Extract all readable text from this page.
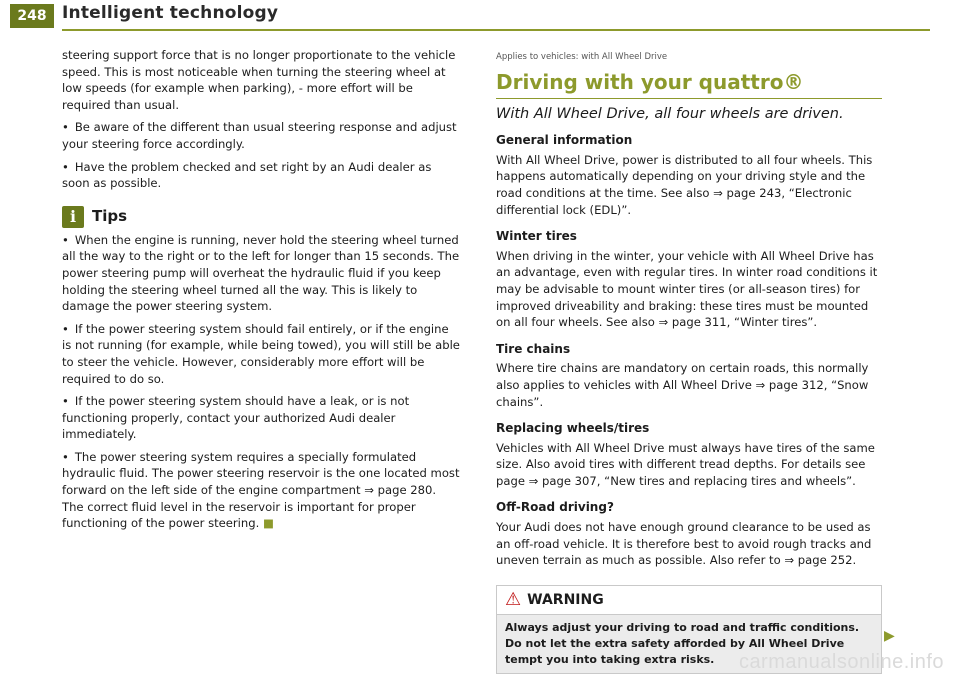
248 Intelligent technology

steering support force that is no longer proportionate to the vehicle speed. This is most noticeable when turning the steering wheel at low speeds (for example when parking), - more effort will be required than usual.

• Be aware of the different than usual steering response and adjust your steering force accordingly.

• Have the problem checked and set right by an Audi dealer as soon as possible.

i	Tips

• When the engine is running, never hold the steering wheel turned all the way to the right or to the left for longer than 15 seconds. The power steering pump will overheat the hydraulic fluid if you keep holding the steering wheel turned all the way. This is likely to damage the power steering system.

• If the power steering system should fail entirely, or if the engine is not running (for example, while being towed), you will still be able to steer the vehicle. However, considerably more effort will be required to do so.

• If the power steering system should have a leak, or is not functioning properly, contact your authorized Audi dealer immediately.

• The power steering system requires a specially formulated hydraulic fluid. The power steering reservoir is the one located most forward on the left side of the engine compartment ⇒ page 280. The correct fluid level in the reservoir is important for proper functioning of the power steering. ■

Applies to vehicles: with All Wheel Drive
Driving with your quattro®
With All Wheel Drive, all four wheels are driven.
General information

With All Wheel Drive, power is distributed to all four wheels. This happens automatically depending on your driving style and the road conditions at the time. See also ⇒ page 243, “Electronic differential lock (EDL)”.

Winter tires

When driving in the winter, your vehicle with All Wheel Drive has an advantage, even with regular tires. In winter road conditions it may be advisable to mount winter tires (or all-season tires) for improved driveability and braking: these tires must be mounted on all four wheels. See also ⇒ page 311, “Winter tires”.

Tire chains

Where tire chains are mandatory on certain roads, this normally also applies to vehicles with All Wheel Drive ⇒ page 312, “Snow chains”.

Replacing wheels/tires

Vehicles with All Wheel Drive must always have tires of the same size. Also avoid tires with different tread depths. For details see page ⇒ page 307, “New tires and replacing tires and wheels”.

Off-Road driving?

Your Audi does not have enough ground clearance to be used as an off-road vehicle. It is therefore best to avoid rough tracks and uneven terrain as much as possible. Also refer to ⇒ page 252.

⚠ WARNING
Always adjust your driving to road and traffic conditions. Do not let the extra safety afforded by All Wheel Drive tempt you into taking extra risks.
▶
carmanualsonline.info
